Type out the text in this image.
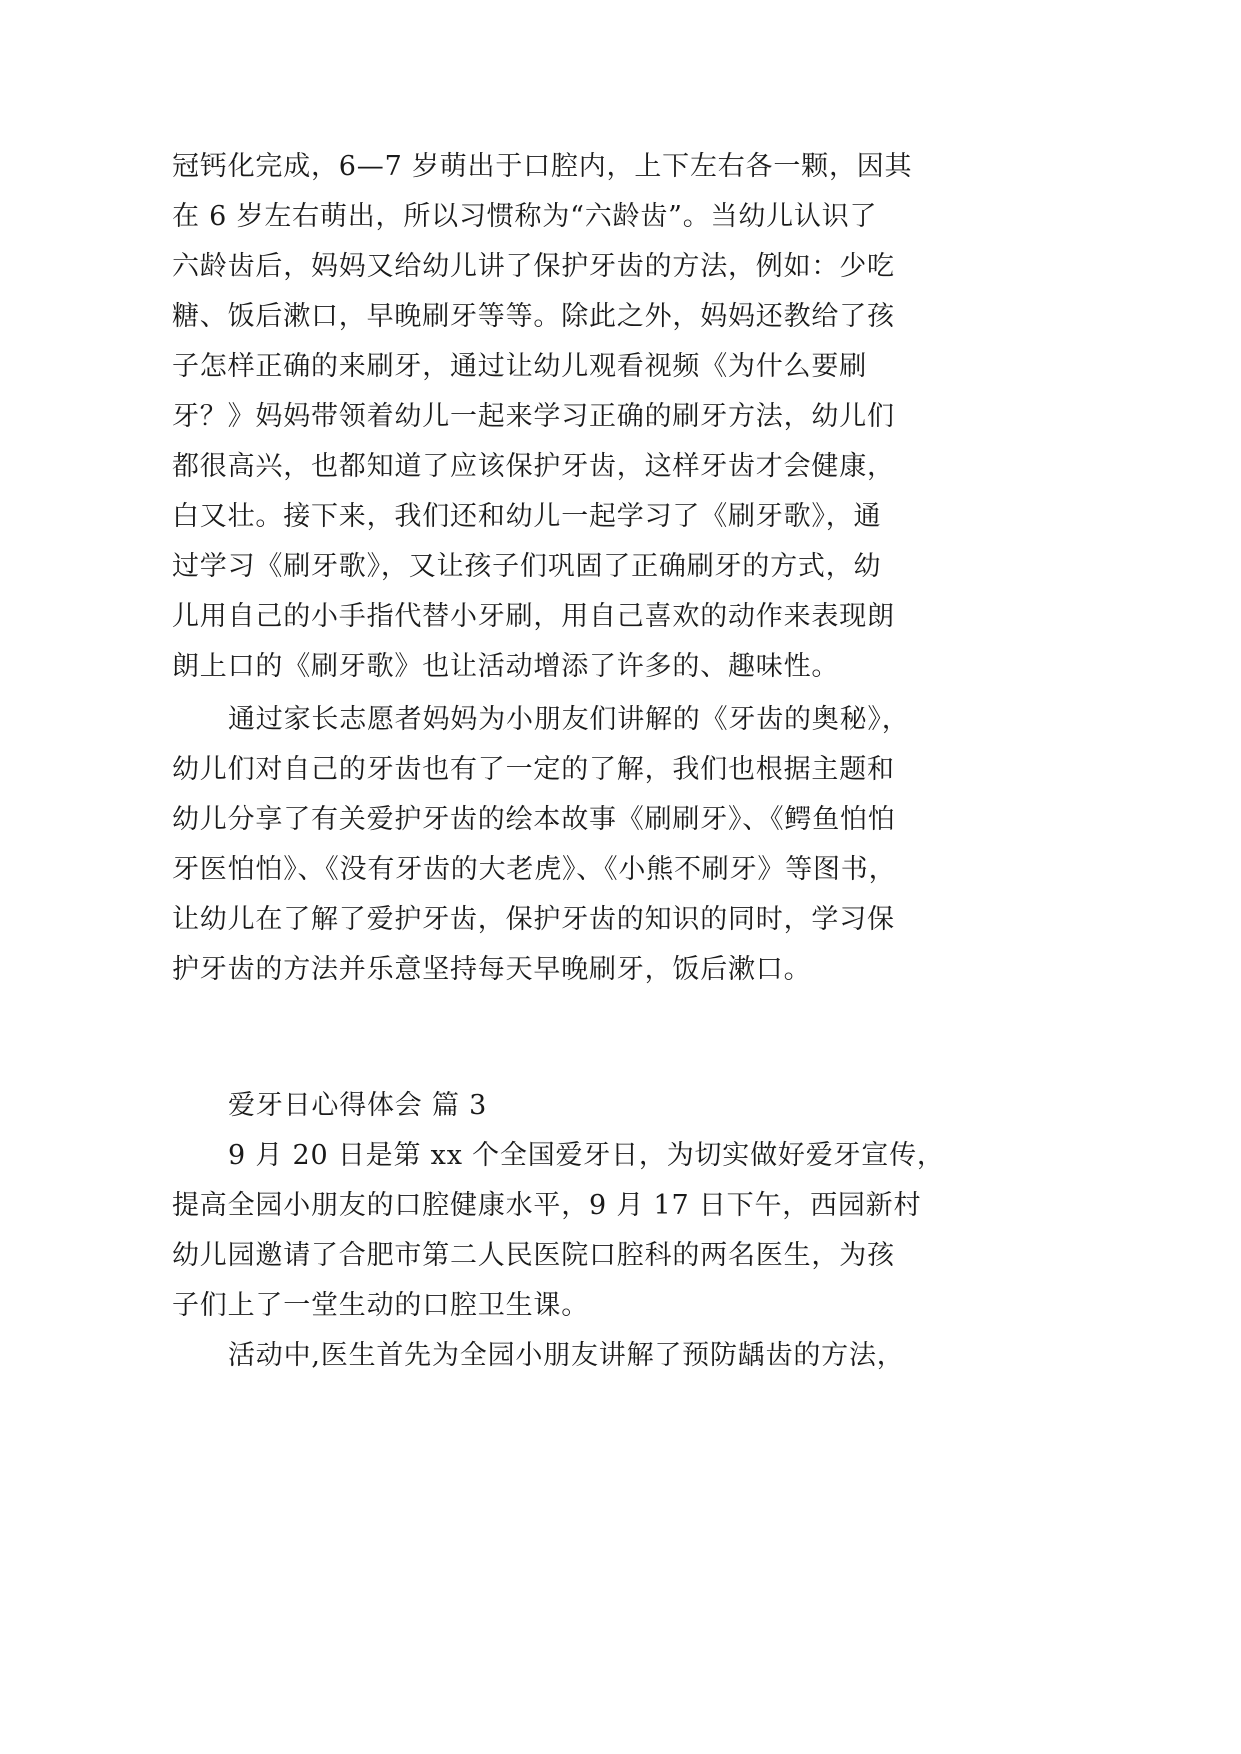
冠钙化完成，6—7 岁萌出于口腔内，上下左右各一颗，因其
在 6 岁左右萌出，所以习惯称为“六龄齿”。当幼儿认识了
六龄齿后，妈妈又给幼儿讲了保护牙齿的方法，例如：少吃
糖、饭后漱口，早晚刷牙等等。除此之外，妈妈还教给了孩
子怎样正确的来刷牙，通过让幼儿观看视频《为什么要刷
牙？》妈妈带领着幼儿一起来学习正确的刷牙方法，幼儿们
都很高兴，也都知道了应该保护牙齿，这样牙齿才会健康，
白又壮。接下来，我们还和幼儿一起学习了《刷牙歌》，通
过学习《刷牙歌》，又让孩子们巩固了正确刷牙的方式，幼
儿用自己的小手指代替小牙刷，用自己喜欢的动作来表现朗
朗上口的《刷牙歌》也让活动增添了许多的、趣味性。
通过家长志愿者妈妈为小朋友们讲解的《牙齿的奥秘》，
幼儿们对自己的牙齿也有了一定的了解，我们也根据主题和
幼儿分享了有关爱护牙齿的绘本故事《刷刷牙》、《鳄鱼怕怕
牙医怕怕》、《没有牙齿的大老虎》、《小熊不刷牙》等图书，
让幼儿在了解了爱护牙齿，保护牙齿的知识的同时，学习保
护牙齿的方法并乐意坚持每天早晚刷牙，饭后漱口。
爱牙日心得体会 篇 3
9 月 20 日是第 xx 个全国爱牙日，为切实做好爱牙宣传，
提高全园小朋友的口腔健康水平，9 月 17 日下午，西园新村
幼儿园邀请了合肥市第二人民医院口腔科的两名医生，为孩
子们上了一堂生动的口腔卫生课。
活动中,医生首先为全园小朋友讲解了预防龋齿的方法，
